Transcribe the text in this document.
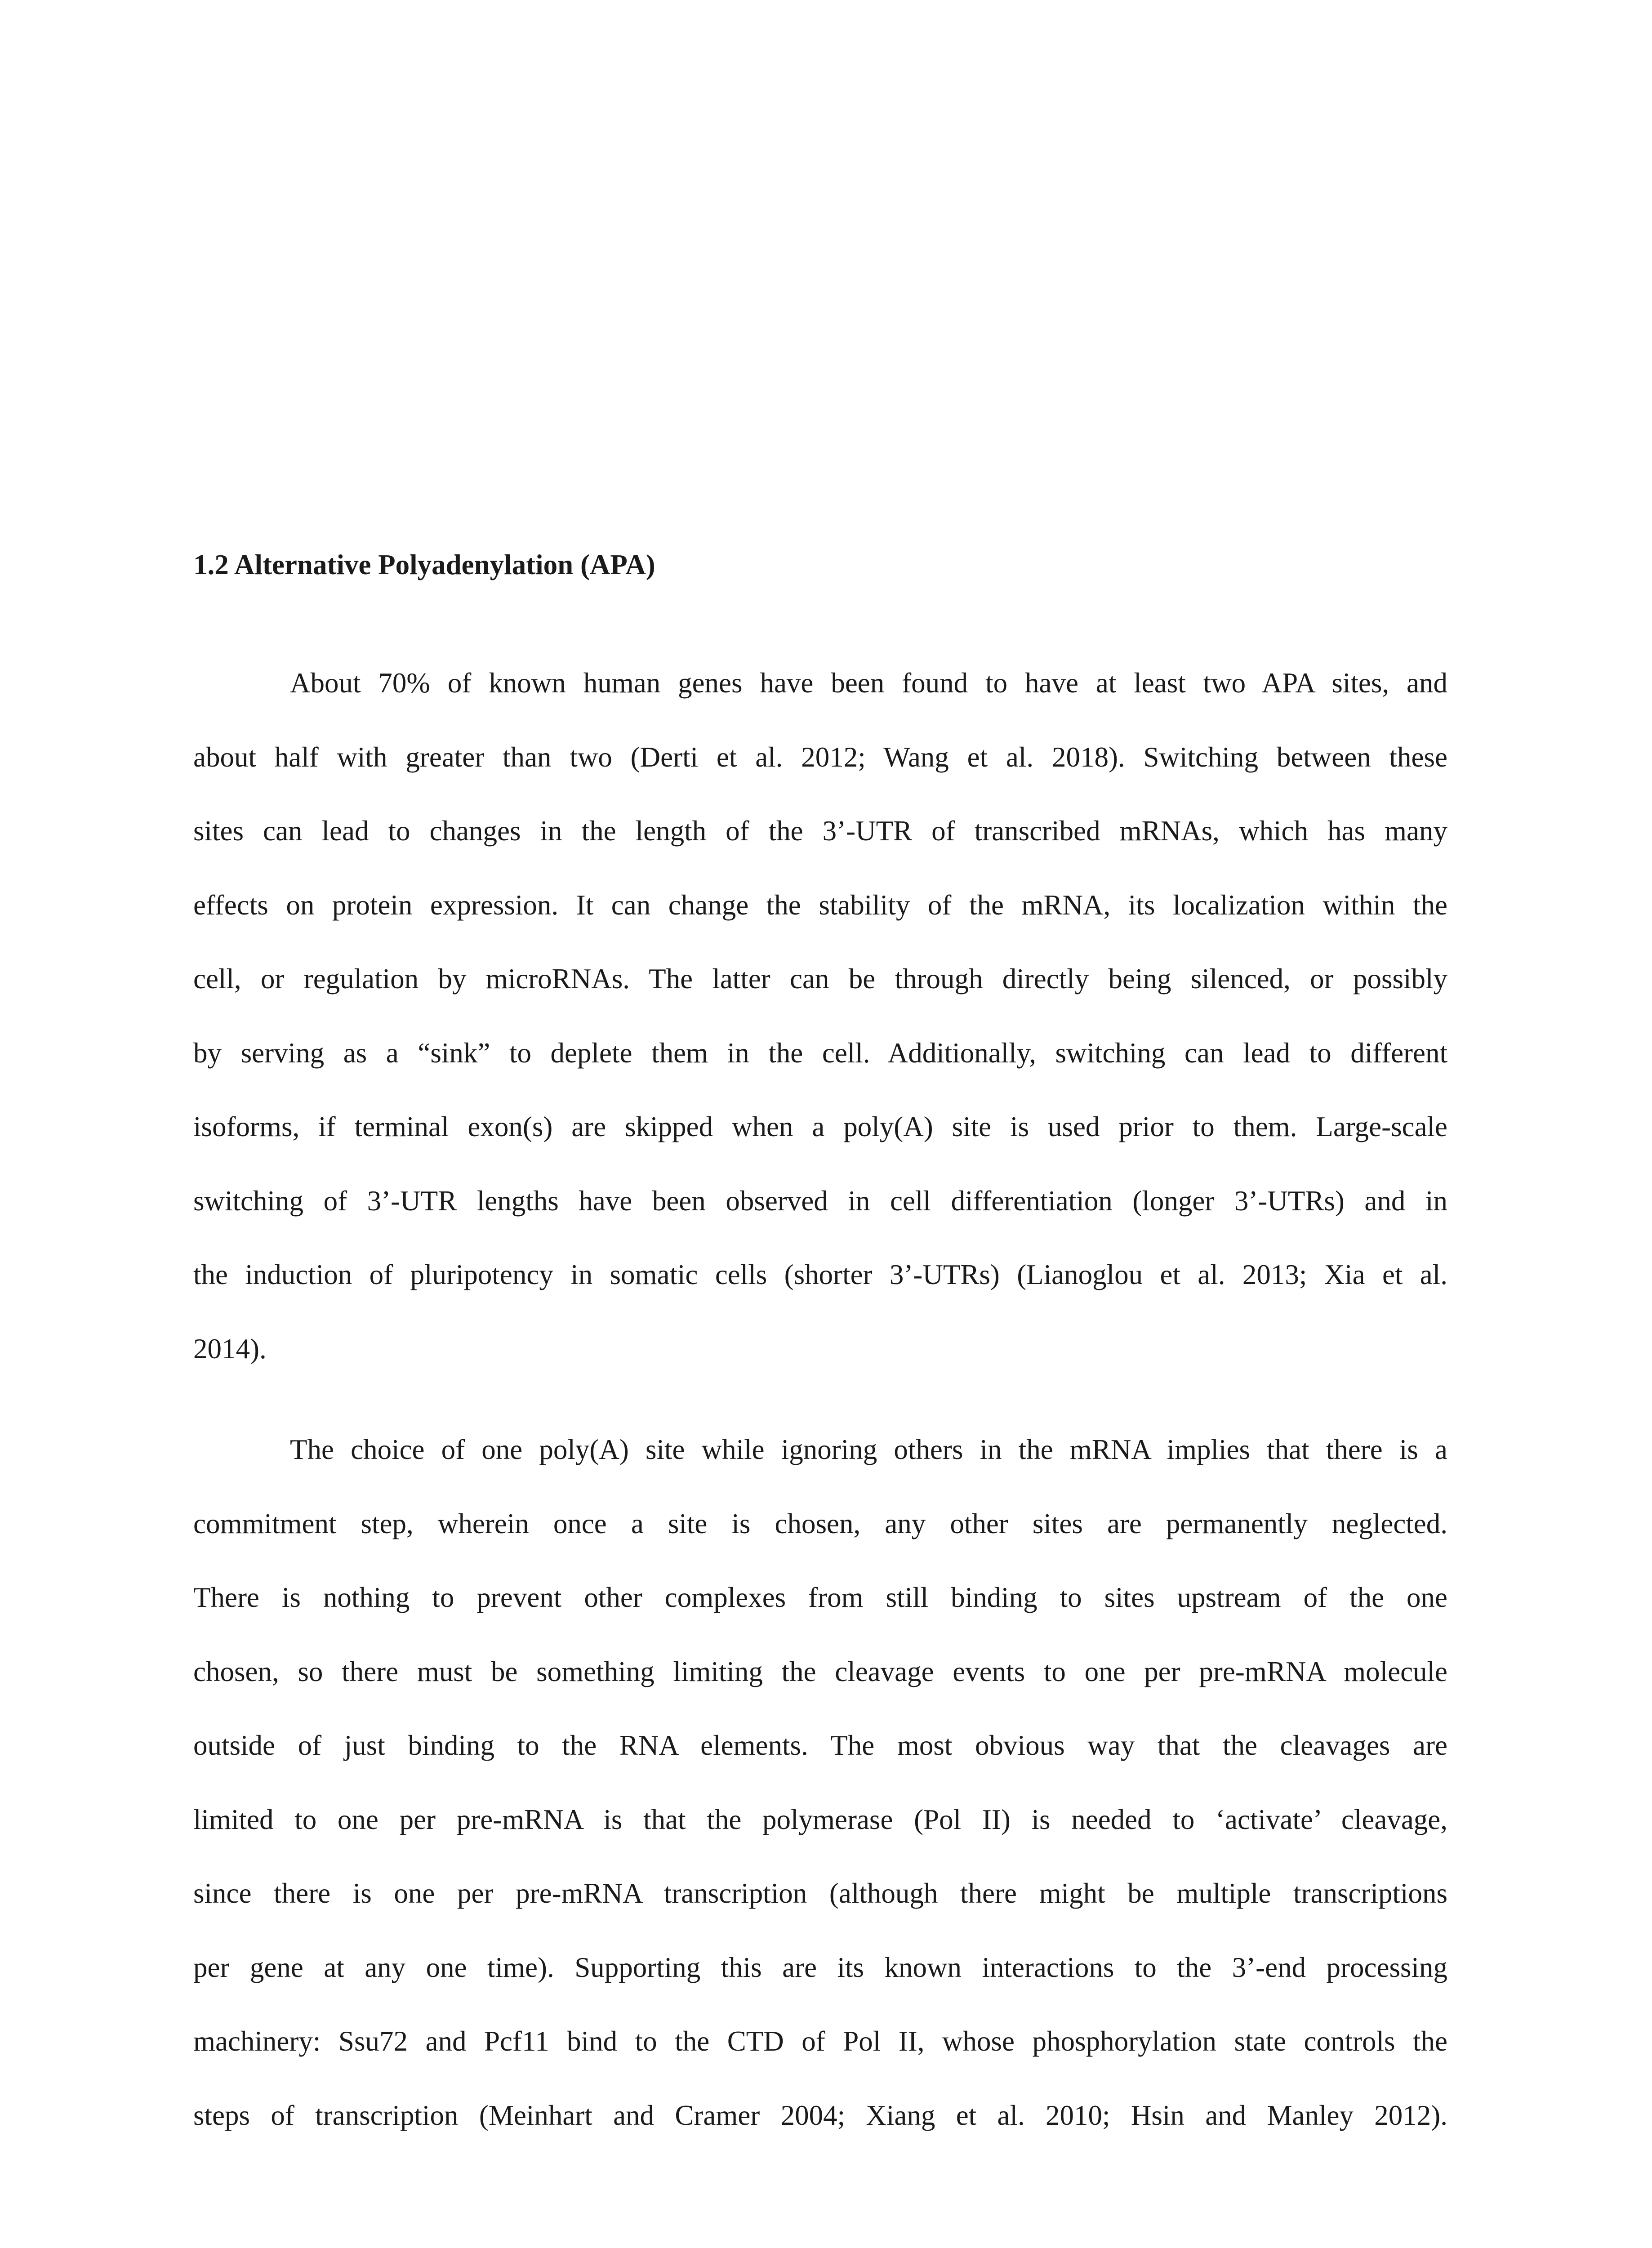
1.2 Alternative Polyadenylation (APA)
About 70% of known human genes have been found to have at least two APA sites, and
about half with greater than two (Derti et al. 2012; Wang et al. 2018). Switching between these
sites can lead to changes in the length of the 3’-UTR of transcribed mRNAs, which has many
effects on protein expression. It can change the stability of the mRNA, its localization within the
cell, or regulation by microRNAs. The latter can be through directly being silenced, or possibly
by serving as a “sink” to deplete them in the cell. Additionally, switching can lead to different
isoforms, if terminal exon(s) are skipped when a poly(A) site is used prior to them. Large-scale
switching of 3’-UTR lengths have been observed in cell differentiation (longer 3’-UTRs) and in
the induction of pluripotency in somatic cells (shorter 3’-UTRs) (Lianoglou et al. 2013; Xia et al.
2014).
The choice of one poly(A) site while ignoring others in the mRNA implies that there is a
commitment step, wherein once a site is chosen, any other sites are permanently neglected.
There is nothing to prevent other complexes from still binding to sites upstream of the one
chosen, so there must be something limiting the cleavage events to one per pre-mRNA molecule
outside of just binding to the RNA elements. The most obvious way that the cleavages are
limited to one per pre-mRNA is that the polymerase (Pol II) is needed to ‘activate’ cleavage,
since there is one per pre-mRNA transcription (although there might be multiple transcriptions
per gene at any one time). Supporting this are its known interactions to the 3’-end processing
machinery: Ssu72 and Pcf11 bind to the CTD of Pol II, whose phosphorylation state controls the
steps of transcription (Meinhart and Cramer 2004; Xiang et al. 2010; Hsin and Manley 2012).
